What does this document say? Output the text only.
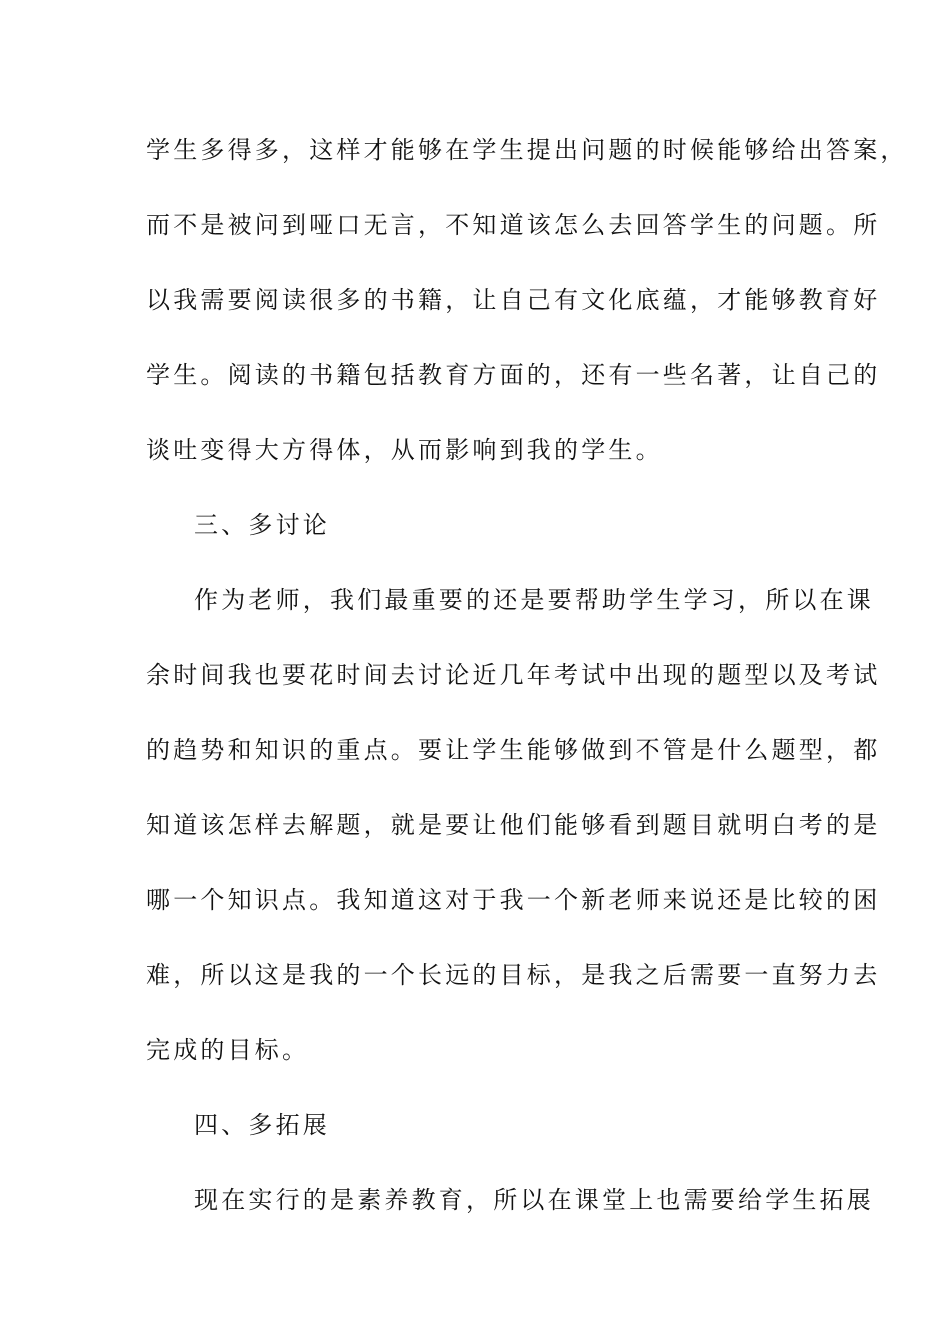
学生多得多，这样才能够在学生提出问题的时候能够给出答案，
而不是被问到哑口无言，不知道该怎么去回答学生的问题。所
以我需要阅读很多的书籍，让自己有文化底蕴，才能够教育好
学生。阅读的书籍包括教育方面的，还有一些名著，让自己的
谈吐变得大方得体，从而影响到我的学生。
三、多讨论
作为老师，我们最重要的还是要帮助学生学习，所以在课
余时间我也要花时间去讨论近几年考试中出现的题型以及考试
的趋势和知识的重点。要让学生能够做到不管是什么题型，都
知道该怎样去解题，就是要让他们能够看到题目就明白考的是
哪一个知识点。我知道这对于我一个新老师来说还是比较的困
难，所以这是我的一个长远的目标，是我之后需要一直努力去
完成的目标。
四、多拓展
现在实行的是素养教育，所以在课堂上也需要给学生拓展
